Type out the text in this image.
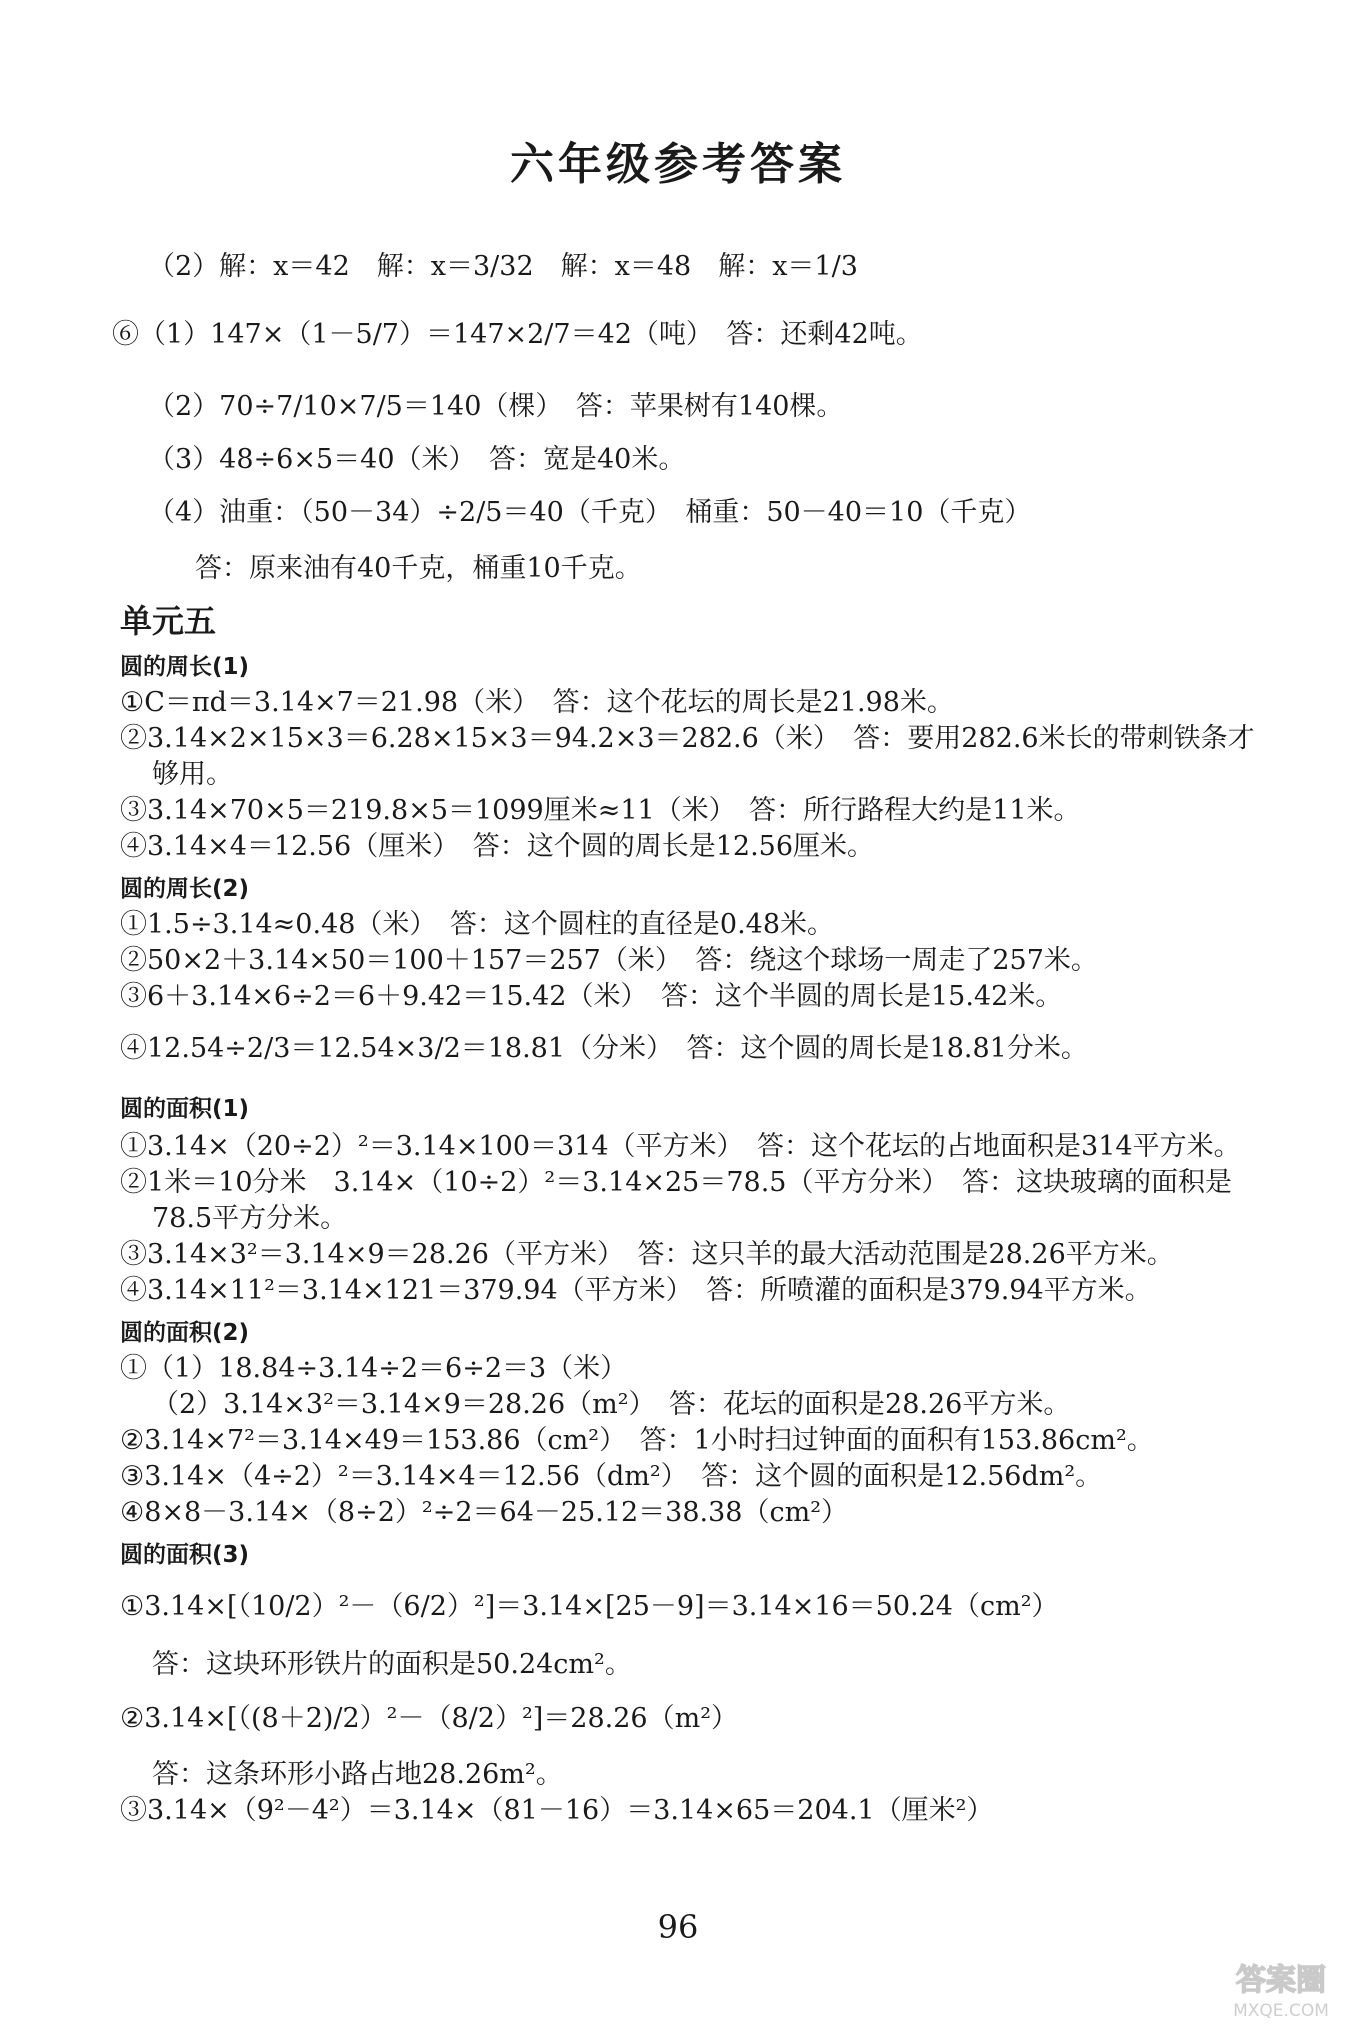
六年级参考答案
（2）解：x＝42　解：x＝3/32　解：x＝48　解：x＝1/3
⑥（1）147×（1－5/7）＝147×2/7＝42（吨）　答：还剩42吨。
（2）70÷7/10×7/5＝140（棵）　答：苹果树有140棵。
（3）48÷6×5＝40（米）　答：宽是40米。
（4）油重：（50－34）÷2/5＝40（千克）　桶重：50－40＝10（千克）
答：原来油有40千克，桶重10千克。
单元五
圆的周长(1)
①C＝πd＝3.14×7＝21.98（米）　答：这个花坛的周长是21.98米。
②3.14×2×15×3＝6.28×15×3＝94.2×3＝282.6（米）　答：要用282.6米长的带刺铁条才
够用。
③3.14×70×5＝219.8×5＝1099厘米≈11（米）　答：所行路程大约是11米。
④3.14×4＝12.56（厘米）　答：这个圆的周长是12.56厘米。
圆的周长(2)
①1.5÷3.14≈0.48（米）　答：这个圆柱的直径是0.48米。
②50×2＋3.14×50＝100＋157＝257（米）　答：绕这个球场一周走了257米。
③6＋3.14×6÷2＝6＋9.42＝15.42（米）　答：这个半圆的周长是15.42米。
④12.54÷2/3＝12.54×3/2＝18.81（分米）　答：这个圆的周长是18.81分米。
圆的面积(1)
①3.14×（20÷2）²＝3.14×100＝314（平方米）　答：这个花坛的占地面积是314平方米。
②1米＝10分米　3.14×（10÷2）²＝3.14×25＝78.5（平方分米）　答：这块玻璃的面积是
78.5平方分米。
③3.14×3²＝3.14×9＝28.26（平方米）　答：这只羊的最大活动范围是28.26平方米。
④3.14×11²＝3.14×121＝379.94（平方米）　答：所喷灌的面积是379.94平方米。
圆的面积(2)
①（1）18.84÷3.14÷2＝6÷2＝3（米）
（2）3.14×3²＝3.14×9＝28.26（m²）　答：花坛的面积是28.26平方米。
②3.14×7²＝3.14×49＝153.86（cm²）　答：1小时扫过钟面的面积有153.86cm²。
③3.14×（4÷2）²＝3.14×4＝12.56（dm²）　答：这个圆的面积是12.56dm²。
④8×8－3.14×（8÷2）²÷2＝64－25.12＝38.38（cm²）
圆的面积(3)
①3.14×[（10/2）²－（6/2）²]＝3.14×[25－9]＝3.14×16＝50.24（cm²）
答：这块环形铁片的面积是50.24cm²。
②3.14×[（(8＋2)/2）²－（8/2）²]＝28.26（m²）
答：这条环形小路占地28.26m²。
③3.14×（9²－4²）＝3.14×（81－16）＝3.14×65＝204.1（厘米²）
96
答案圈
MXQE.COM
